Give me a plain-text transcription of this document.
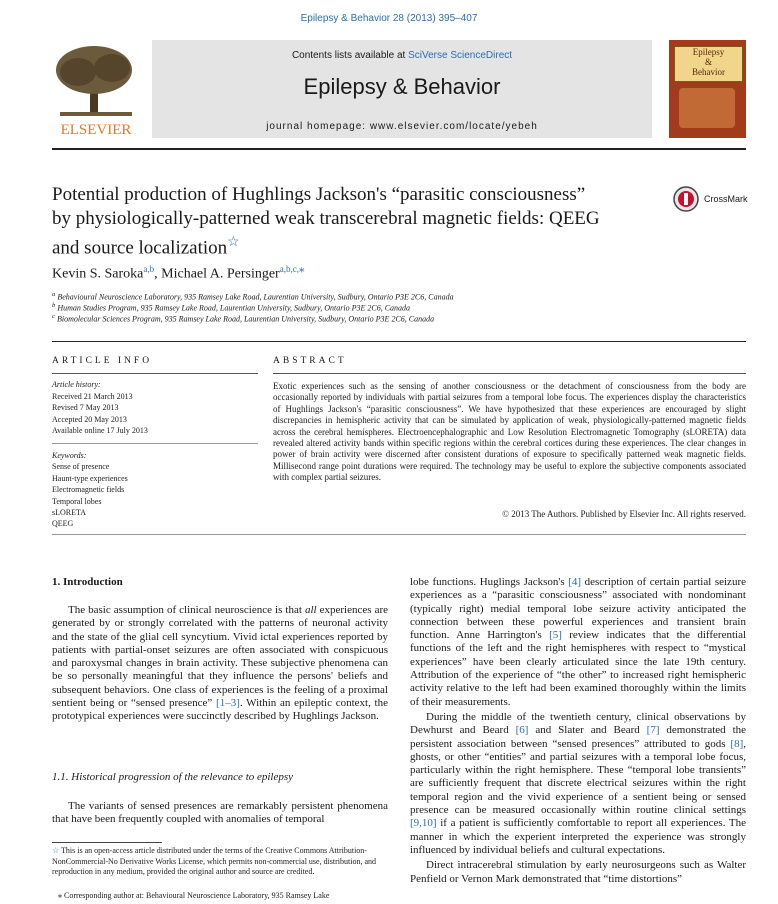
Epilepsy & Behavior 28 (2013) 395–407
ELSEVIER
Contents lists available at SciVerse ScienceDirect
Epilepsy & Behavior
journal homepage: www.elsevier.com/locate/yebeh
Epilepsy
&
Behavior
Potential production of Hughlings Jackson's “parasitic consciousness”
by physiologically-patterned weak transcerebral magnetic fields: QEEG
and source localization☆
CrossMark
Kevin S. Saroka$^{a,b}$, Michael A. Persinger$^{a,b,c,⁎}$
$^a$ Behavioural Neuroscience Laboratory, 935 Ramsey Lake Road, Laurentian University, Sudbury, Ontario P3E 2C6, Canada
$^b$ Human Studies Program, 935 Ramsey Lake Road, Laurentian University, Sudbury, Ontario P3E 2C6, Canada
$^c$ Biomolecular Sciences Program, 935 Ramsey Lake Road, Laurentian University, Sudbury, Ontario P3E 2C6, Canada
ARTICLE INFO
Article history:
Received 21 March 2013
Revised 7 May 2013
Accepted 20 May 2013
Available online 17 July 2013
Keywords:
Sense of presence
Haunt-type experiences
Electromagnetic fields
Temporal lobes
sLORETA
QEEG
ABSTRACT
Exotic experiences such as the sensing of another consciousness or the detachment of consciousness from the body are occasionally reported by individuals with partial seizures from a temporal lobe focus. The experiences display the characteristics of Hughlings Jackson's “parasitic consciousness”. We have hypothesized that these experiences are encouraged by slight discrepancies in hemispheric activity that can be simulated by application of weak, physiologically-patterned magnetic fields across the cerebral hemispheres. Electroencephalographic and Low Resolution Electromagnetic Tomography (sLORETA) data revealed altered activity bands within specific regions within the cerebral cortices during these experiences. The clear changes in power of brain activity were discerned after consistent durations of exposure to specifically patterned weak magnetic fields. Millisecond range point durations were required. The technology may be useful to explore the subjective components associated with complex partial seizures.
© 2013 The Authors. Published by Elsevier Inc. All rights reserved.
1. Introduction
The basic assumption of clinical neuroscience is that all experiences are generated by or strongly correlated with the patterns of neuronal activity and the state of the glial cell syncytium. Vivid ictal experiences reported by patients with partial-onset seizures are often associated with conspicuous and paroxysmal changes in brain activity. These subjective phenomena can be so personally meaningful that they influence the persons' beliefs and subsequent behaviors. One class of experiences is the feeling of a proximal sentient being or “sensed presence” [1–3]. Within an epileptic context, the prototypical experiences were succinctly described by Hughlings Jackson.
1.1. Historical progression of the relevance to epilepsy
The variants of sensed presences are remarkably persistent phenomena that have been frequently coupled with anomalies of temporal
☆ This is an open-access article distributed under the terms of the Creative Commons Attribution-NonCommercial-No Derivative Works License, which permits non-commercial use, distribution, and reproduction in any medium, provided the original author and source are credited.
⁎ Corresponding author at: Behavioural Neuroscience Laboratory, 935 Ramsey Lake
lobe functions. Huglings Jackson's [4] description of certain partial seizure experiences as a “parasitic consciousness” associated with nondominant (typically right) medial temporal lobe seizure activity anticipated the connection between these powerful experiences and transient brain function. Anne Harrington's [5] review indicates that the differential functions of the left and the right hemispheres with respect to “mystical experiences” have been clearly articulated since the late 19th century. Attribution of the experience of “the other” to increased right hemispheric activity relative to the left had been examined thoroughly within the limits of their measurements.
During the middle of the twentieth century, clinical observations by Dewhurst and Beard [6] and Slater and Beard [7] demonstrated the persistent association between “sensed presences” attributed to gods [8], ghosts, or other “entities” and partial seizures with a temporal lobe focus, particularly within the right hemisphere. These “temporal lobe transients” are sufficiently frequent that discrete electrical seizures within the right temporal region and the vivid experience of a sentient being or sensed presence can be measured occasionally within routine clinical settings [9,10] if a patient is sufficiently comfortable to report all experiences. The manner in which the experient interpreted the experience was strongly influenced by individual beliefs and cultural expectations.
Direct intracerebral stimulation by early neurosurgeons such as Walter Penfield or Vernon Mark demonstrated that “time distortions”
